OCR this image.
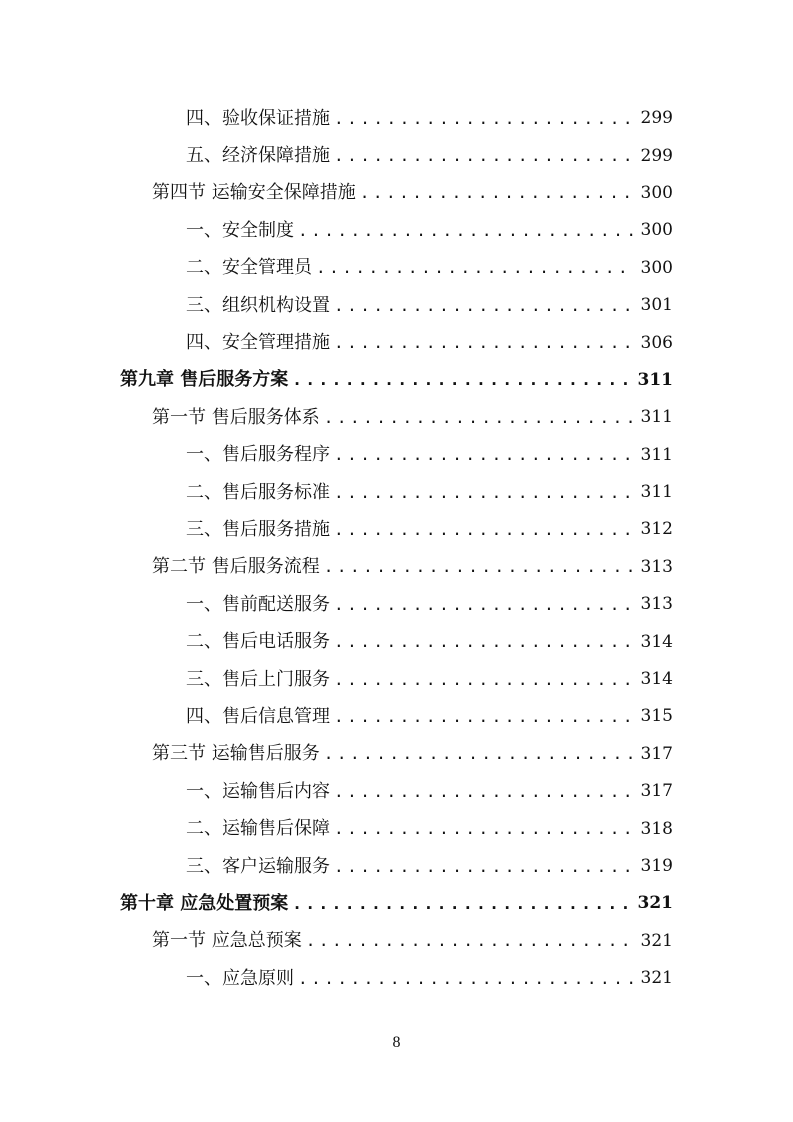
四、验收保证措施 .....	299
五、经济保障措施 .....	299
第四节 运输安全保障措施 .....	300
一、安全制度 .....	300
二、安全管理员 .....	300
三、组织机构设置 .....	301
四、安全管理措施 .....	306
第九章 售后服务方案 .....	311
第一节 售后服务体系 .....	311
一、售后服务程序 .....	311
二、售后服务标准 .....	311
三、售后服务措施 .....	312
第二节 售后服务流程 .....	313
一、售前配送服务 .....	313
二、售后电话服务 .....	314
三、售后上门服务 .....	314
四、售后信息管理 .....	315
第三节 运输售后服务 .....	317
一、运输售后内容 .....	317
二、运输售后保障 .....	318
三、客户运输服务 .....	319
第十章 应急处置预案 .....	321
第一节 应急总预案 .....	321
一、应急原则 .....	321
8
